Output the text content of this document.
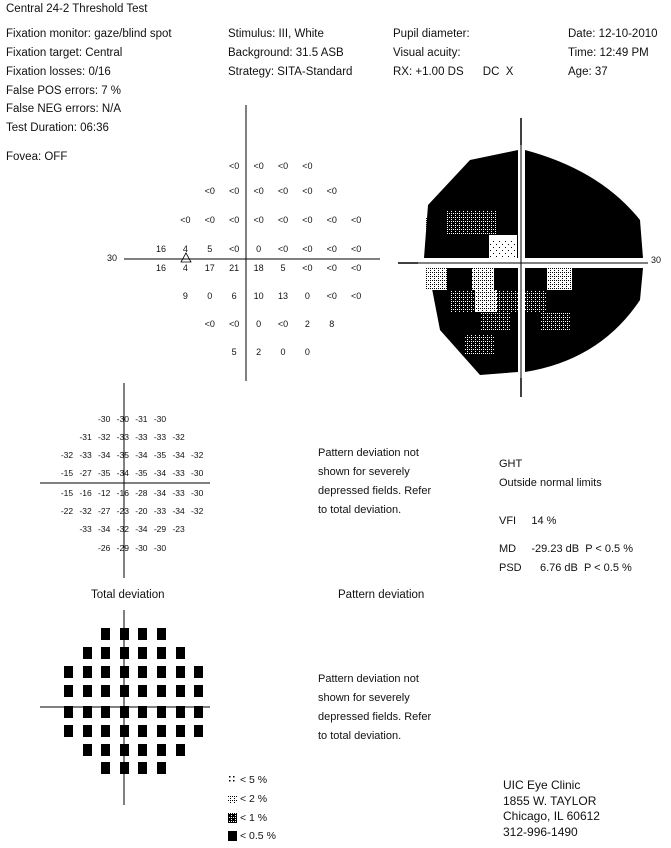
Central 24-2 Threshold Test
Fixation monitor: gaze/blind spot
Fixation target: Central
Fixation losses: 0/16
False POS errors: 7 %
False NEG errors: N/A
Test Duration: 06:36
Stimulus: III, White
Background: 31.5 ASB
Strategy: SITA-Standard
Pupil diameter:
Visual acuity:
RX: +1.00 DS      DC  X
Date: 12-10-2010
Time: 12:49 PM
Age: 37
Fovea: OFF
30
<0 <0 <0 <0
<0 <0 <0 <0 <0 <0
<0 <0 <0 <0 <0 <0 <0 <0
16 4 5 <0 0 <0 <0 <0 <0
16 4 17 21 18 5 <0 <0 <0
9 0 6 10 13 0 <0 <0
<0 <0 0 <0 2 8
5 2 0 0
30
-30 -30 -31 -30
-31 -32 -33 -33 -33 -32
-32 -33 -34 -35 -34 -35 -34 -32
-15 -27 -35 -34 -35 -34 -33 -30
-15 -16 -12 -16 -28 -34 -33 -30
-22 -32 -27 -23 -20 -33 -34 -32
-33 -34 -32 -34 -29 -23
-26 -29 -30 -30
Pattern deviation not
shown for severely
depressed fields. Refer
to total deviation.
GHT
Outside normal limits
VFI     14 %
MD     -29.23 dB  P < 0.5 %
PSD      6.76 dB  P < 0.5 %
Total deviation	Pattern deviation
Pattern deviation not
shown for severely
depressed fields. Refer
to total deviation.
< 5 %
< 2 %
< 1 %
< 0.5 %
UIC Eye Clinic
1855 W. TAYLOR
Chicago, IL 60612
312-996-1490
